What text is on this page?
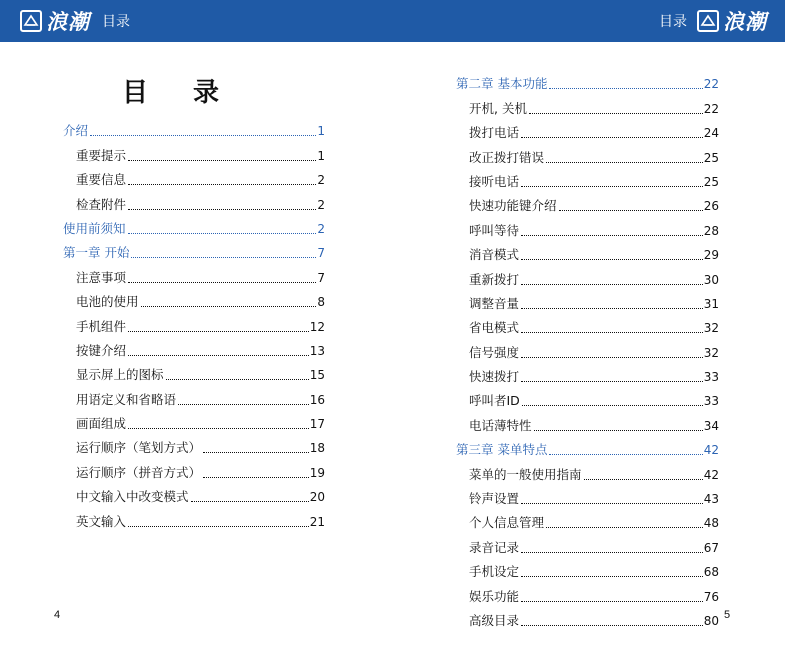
浪潮 目录	目录 浪潮
目 录
介绍	1
重要提示	1
重要信息	2
检查附件	2
使用前须知	2
第一章 开始	7
注意事项	7
电池的使用	8
手机组件	12
按键介绍	13
显示屏上的图标	15
用语定义和省略语	16
画面组成	17
运行顺序（笔划方式）	18
运行顺序（拼音方式）	19
中文输入中改变模式	20
英文输入	21
第二章 基本功能	22
开机, 关机	22
拨打电话	24
改正拨打错误	25
接听电话	25
快速功能键介绍	26
呼叫等待	28
消音模式	29
重新拨打	30
调整音量	31
省电模式	32
信号强度	32
快速拨打	33
呼叫者ID	33
电话薄特性	34
第三章 菜单特点	42
菜单的一般使用指南	42
铃声设置	43
个人信息管理	48
录音记录	67
手机设定	68
娱乐功能	76
高级目录	80
4	5
